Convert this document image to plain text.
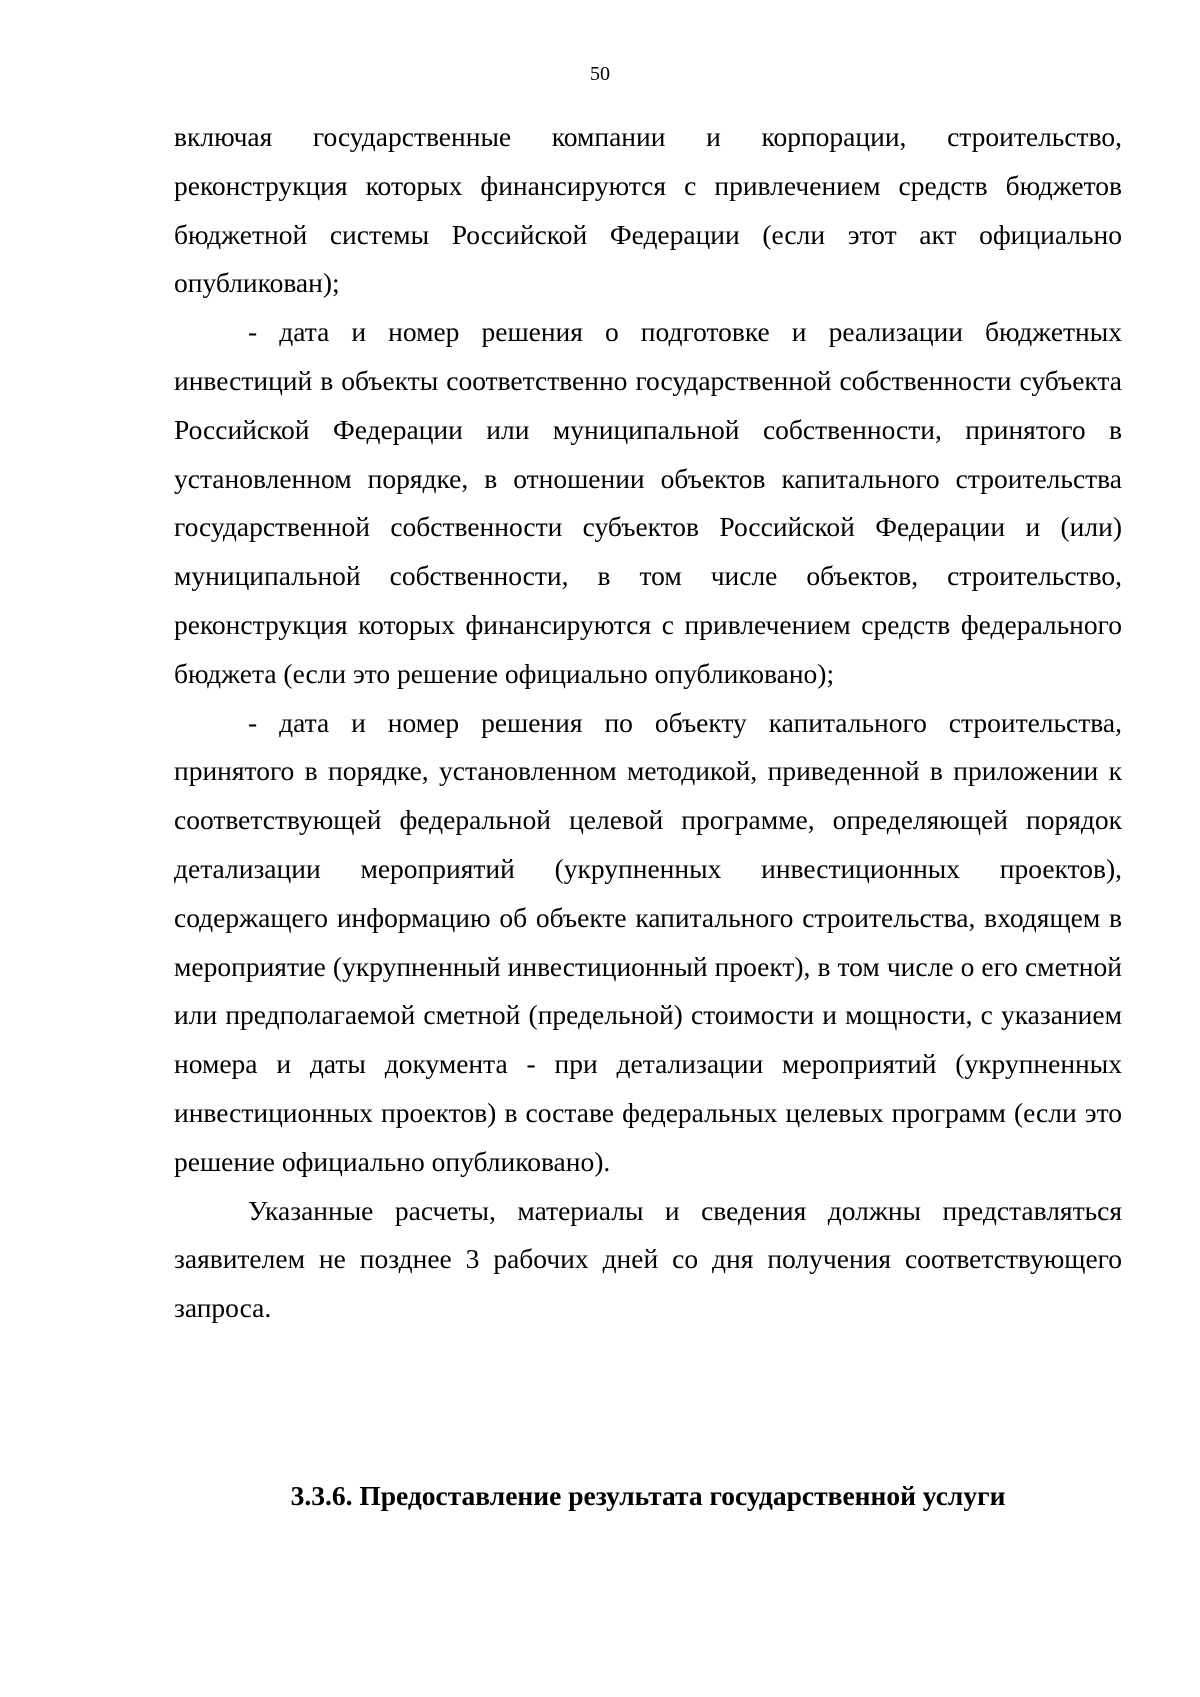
50

включая государственные компании и корпорации, строительство, реконструкция которых финансируются с привлечением средств бюджетов бюджетной системы Российской Федерации (если этот акт официально опубликован);

- дата и номер решения о подготовке и реализации бюджетных инвестиций в объекты соответственно государственной собственности субъекта Российской Федерации или муниципальной собственности, принятого в установленном порядке, в отношении объектов капитального строительства государственной собственности субъектов Российской Федерации и (или) муниципальной собственности, в том числе объектов, строительство, реконструкция которых финансируются с привлечением средств федерального бюджета (если это решение официально опубликовано);

- дата и номер решения по объекту капитального строительства, принятого в порядке, установленном методикой, приведенной в приложении к соответствующей федеральной целевой программе, определяющей порядок детализации мероприятий (укрупненных инвестиционных проектов), содержащего информацию об объекте капитального строительства, входящем в мероприятие (укрупненный инвестиционный проект), в том числе о его сметной или предполагаемой сметной (предельной) стоимости и мощности, с указанием номера и даты документа - при детализации мероприятий (укрупненных инвестиционных проектов) в составе федеральных целевых программ (если это решение официально опубликовано).

Указанные расчеты, материалы и сведения должны представляться заявителем не позднее 3 рабочих дней со дня получения соответствующего запроса.

3.3.6. Предоставление результата государственной услуги
